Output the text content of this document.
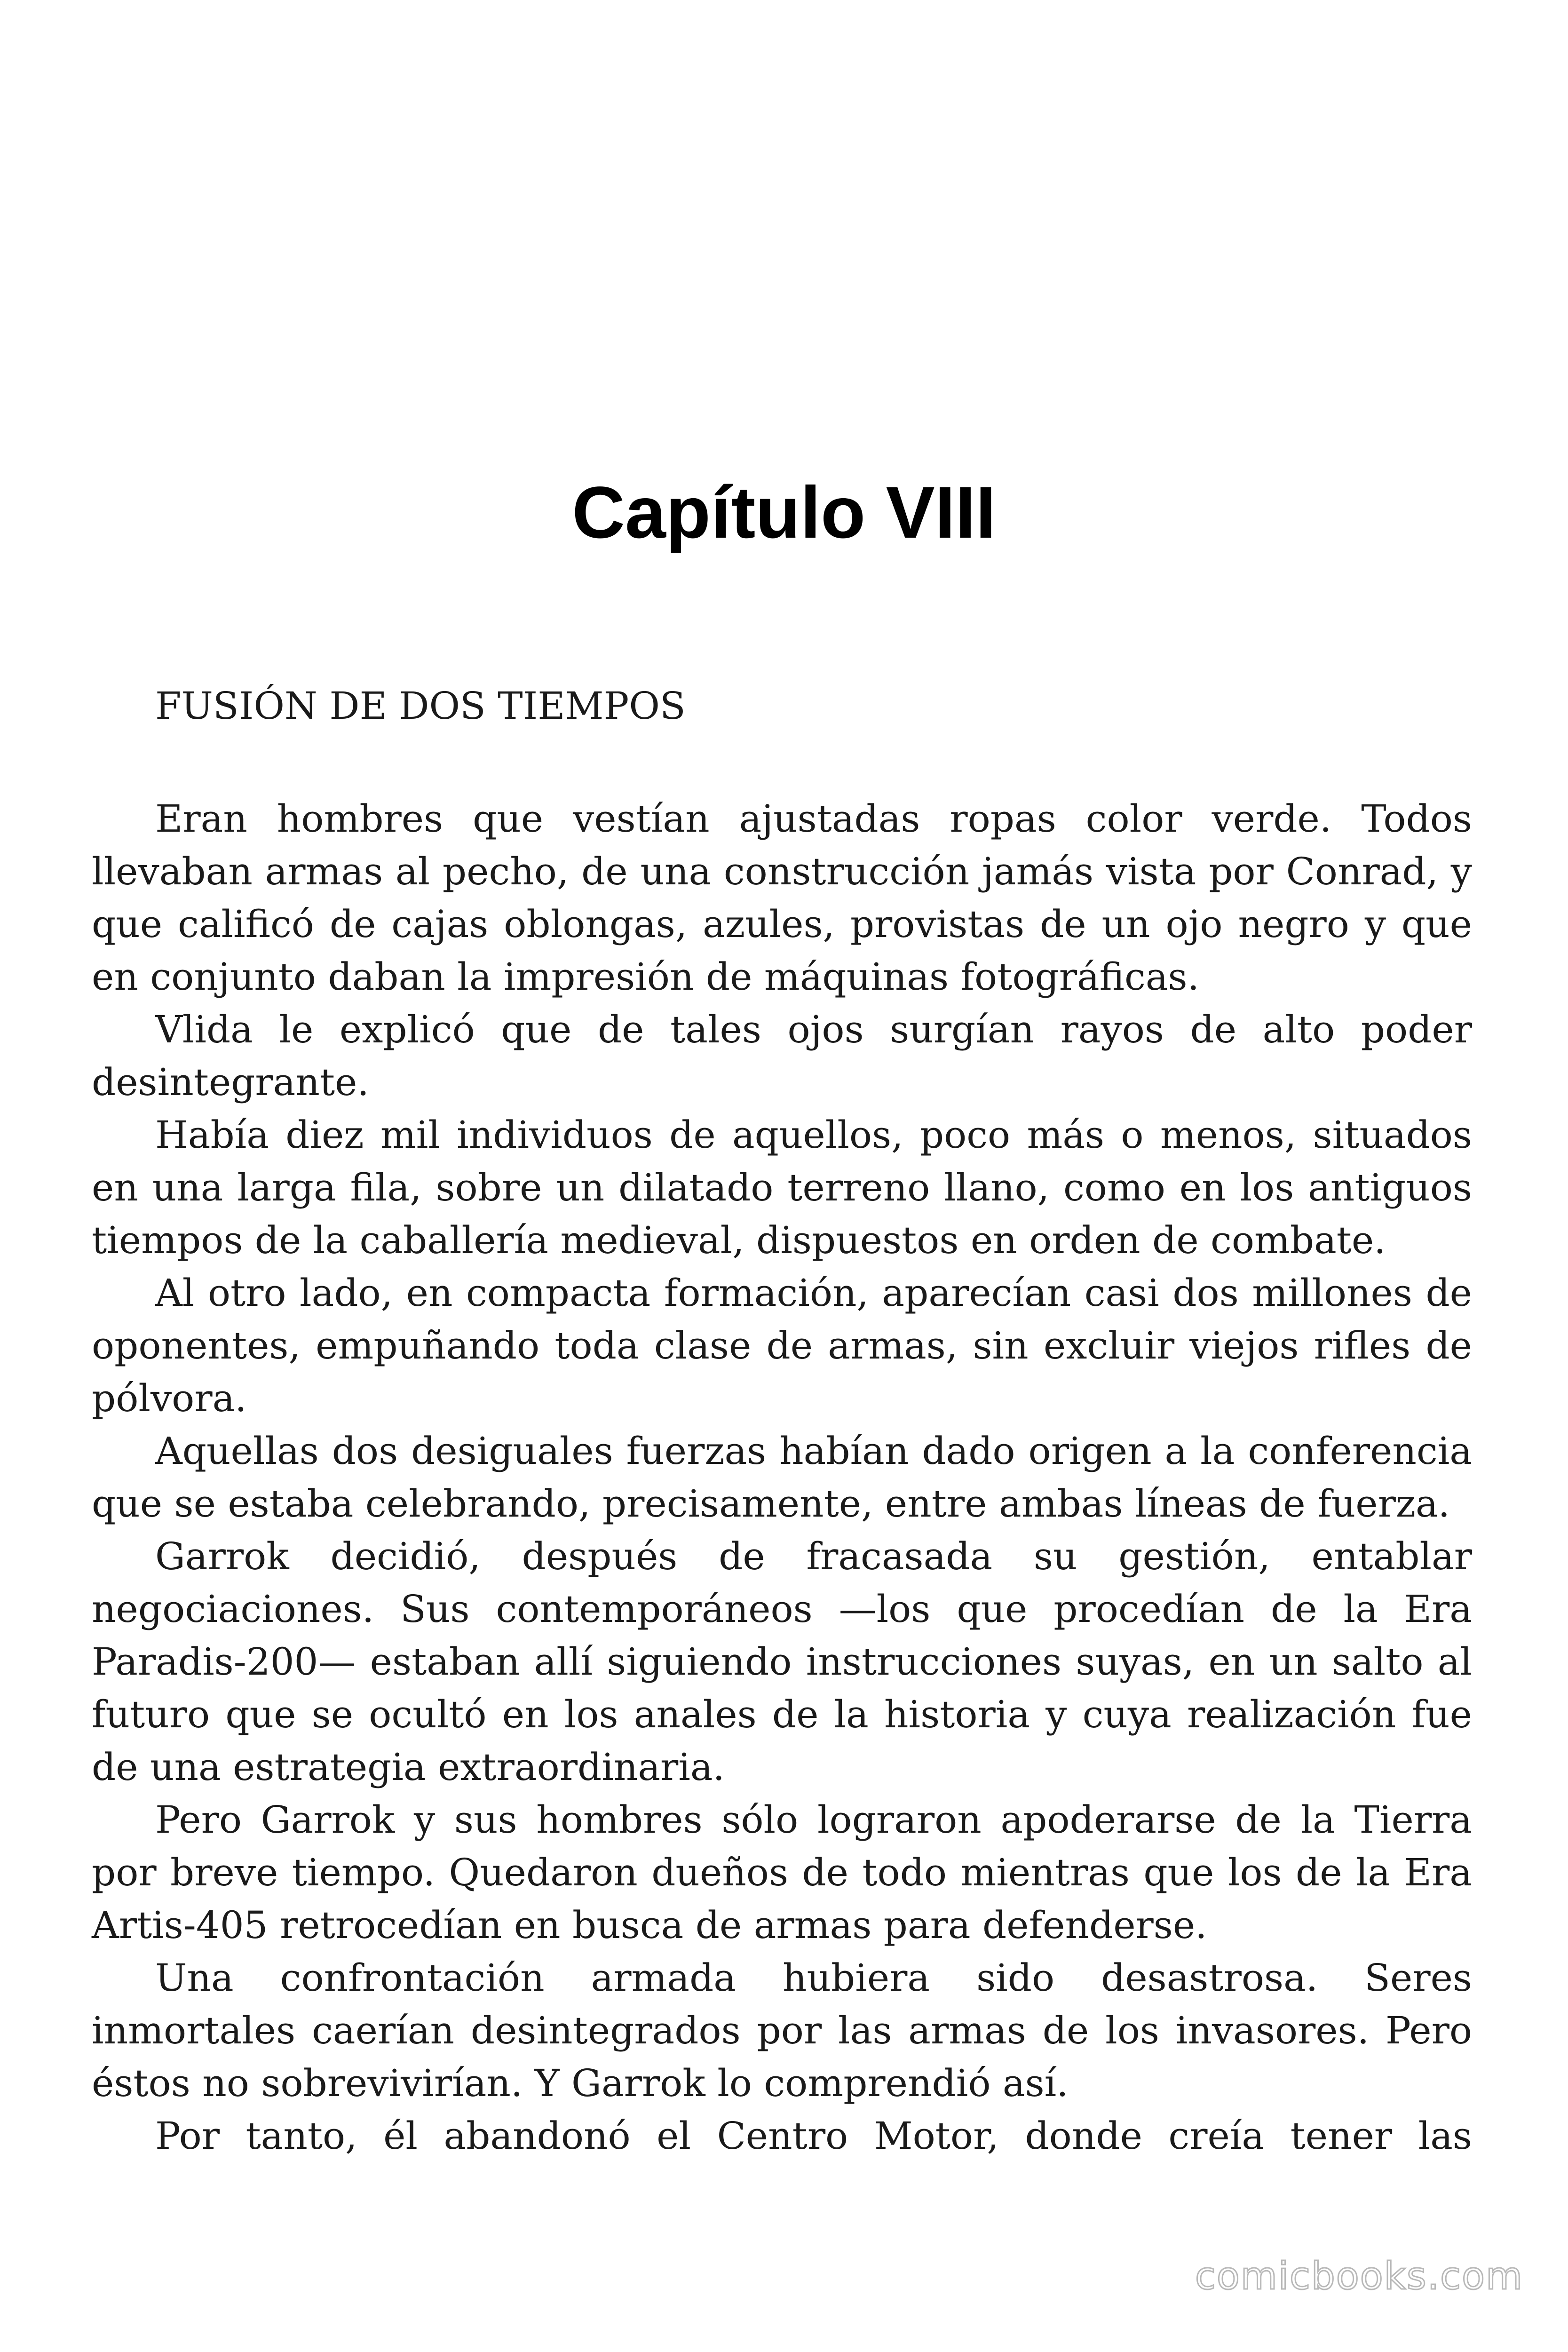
Capítulo VIII

FUSIÓN DE DOS TIEMPOS

Eran hombres que vestían ajustadas ropas color verde. Todos llevaban armas al pecho, de una construcción jamás vista por Conrad, y que calificó de cajas oblongas, azules, provistas de un ojo negro y que en conjunto daban la impresión de máquinas fotográficas.

Vlida le explicó que de tales ojos surgían rayos de alto poder desintegrante.

Había diez mil individuos de aquellos, poco más o menos, situados en una larga fila, sobre un dilatado terreno llano, como en los antiguos tiempos de la caballería medieval, dispuestos en orden de combate.

Al otro lado, en compacta formación, aparecían casi dos millones de oponentes, empuñando toda clase de armas, sin excluir viejos rifles de pólvora.

Aquellas dos desiguales fuerzas habían dado origen a la conferencia que se estaba celebrando, precisamente, entre ambas líneas de fuerza.

Garrok decidió, después de fracasada su gestión, entablar negociaciones. Sus contemporáneos —los que procedían de la Era Paradis-200— estaban allí siguiendo instrucciones suyas, en un salto al futuro que se ocultó en los anales de la historia y cuya realización fue de una estrategia extraordinaria.

Pero Garrok y sus hombres sólo lograron apoderarse de la Tierra por breve tiempo. Quedaron dueños de todo mientras que los de la Era Artis-405 retrocedían en busca de armas para defenderse.

Una confrontación armada hubiera sido desastrosa. Seres inmortales caerían desintegrados por las armas de los invasores. Pero éstos no sobrevivirían. Y Garrok lo comprendió así.

Por tanto, él abandonó el Centro Motor, donde creía tener las

comicbooks.com
